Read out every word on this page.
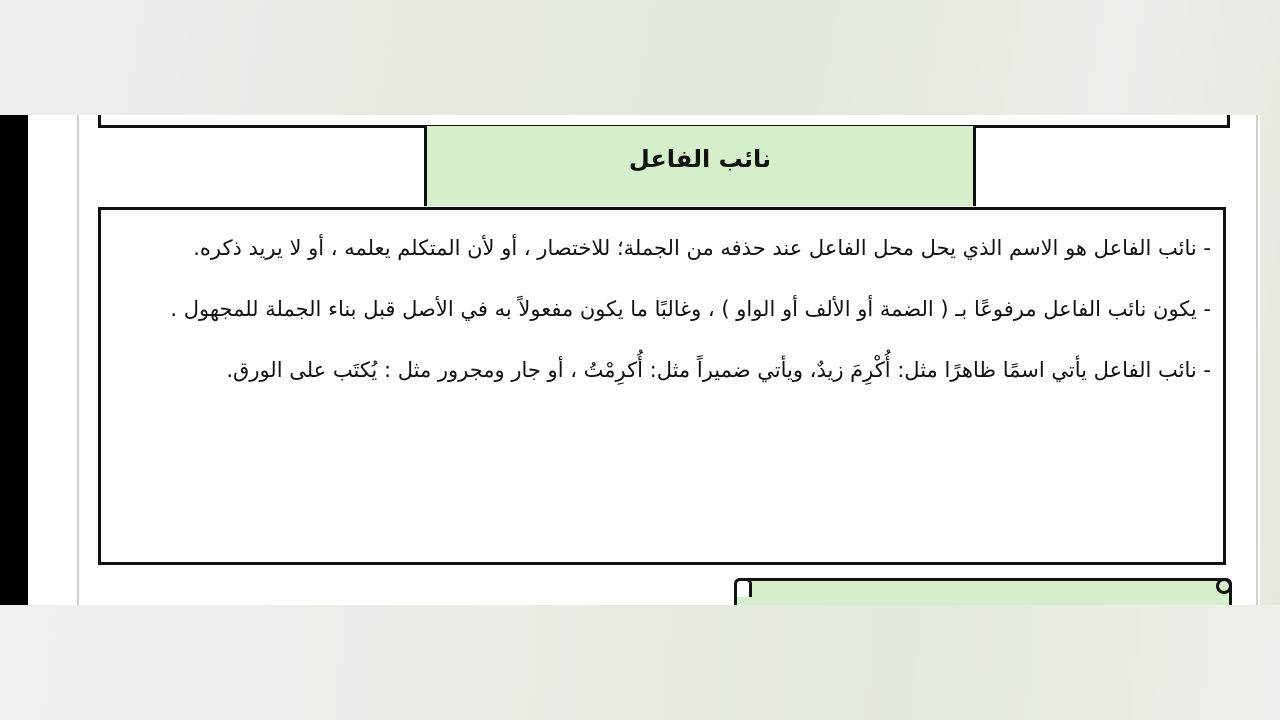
نائب الفاعل

- نائب الفاعل هو الاسم الذي يحل محل الفاعل عند حذفه من الجملة؛ للاختصار ، أو لأن المتكلم يعلمه ، أو لا يريد ذكره.

- يكون نائب الفاعل مرفوعًا بـ ( الضمة أو الألف أو الواو ) ، وغالبًا ما يكون مفعولاً به في الأصل قبل بناء الجملة للمجهول .

- نائب الفاعل يأتي اسمًا ظاهرًا مثل: أُكْرِمَ زيدٌ، ويأتي ضميراً مثل: أُكرِمْتُ ، أو جار ومجرور مثل : يُكتَب على الورق.
